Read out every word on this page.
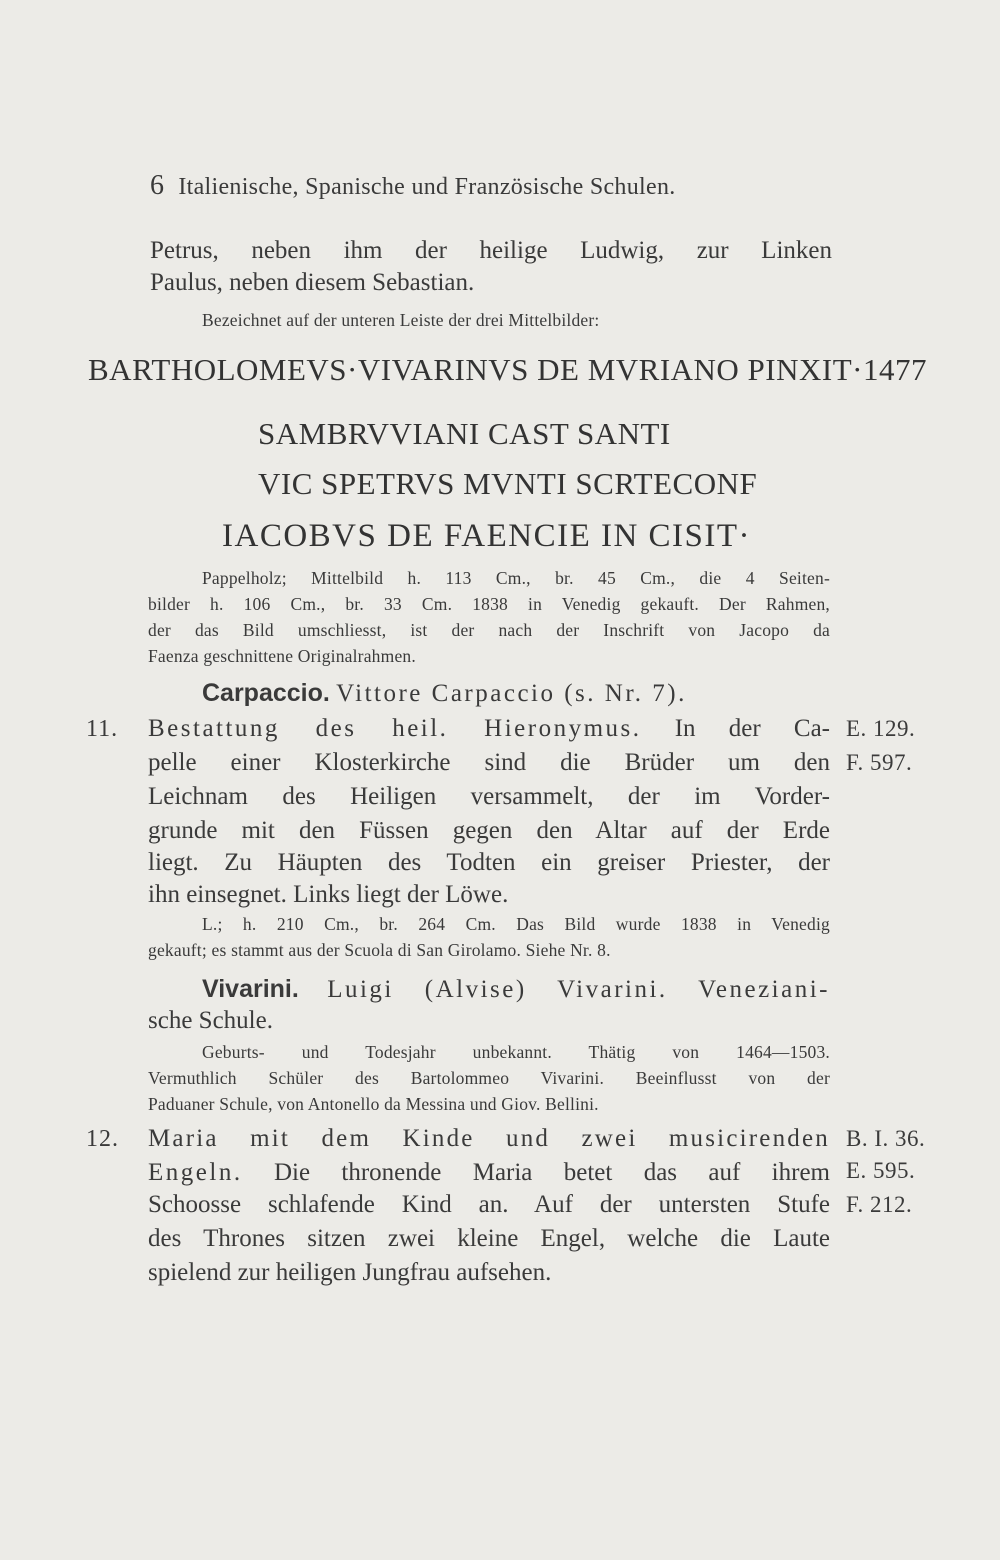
6 Italienische, Spanische und Französische Schulen.
Petrus, neben ihm der heilige Ludwig, zur Linken
Paulus, neben diesem Sebastian.
Bezeichnet auf der unteren Leiste der drei Mittelbilder:
BARTHOLOMEVS·VIVARINVS DE MVRIANO PINXIT·1477
SAMBRVVIANI CAST SANTI
VIC SPETRVS MVNTI SCRTECONF
IACOBVS DE FAENCIE IN CISIT·
Pappelholz; Mittelbild h. 113 Cm., br. 45 Cm., die 4 Seiten-
bilder h. 106 Cm., br. 33 Cm. 1838 in Venedig gekauft. Der Rahmen,
der das Bild umschliesst, ist der nach der Inschrift von Jacopo da
Faenza geschnittene Originalrahmen.
Carpaccio. Vittore Carpaccio (s. Nr. 7).
11. Bestattung des heil. Hieronymus. In der Ca-
pelle einer Klosterkirche sind die Brüder um den
Leichnam des Heiligen versammelt, der im Vorder-
grunde mit den Füssen gegen den Altar auf der Erde
liegt. Zu Häupten des Todten ein greiser Priester, der
ihn einsegnet. Links liegt der Löwe.
E. 129.
F. 597.
L.; h. 210 Cm., br. 264 Cm. Das Bild wurde 1838 in Venedig
gekauft; es stammt aus der Scuola di San Girolamo. Siehe Nr. 8.
Vivarini. Luigi (Alvise) Vivarini. Veneziani-
sche Schule.
Geburts- und Todesjahr unbekannt. Thätig von 1464—1503.
Vermuthlich Schüler des Bartolommeo Vivarini. Beeinflusst von der
Paduaner Schule, von Antonello da Messina und Giov. Bellini.
12. Maria mit dem Kinde und zwei musicirenden
Engeln. Die thronende Maria betet das auf ihrem
Schoosse schlafende Kind an. Auf der untersten Stufe
des Thrones sitzen zwei kleine Engel, welche die Laute
spielend zur heiligen Jungfrau aufsehen.
B. I. 36.
E. 595.
F. 212.
